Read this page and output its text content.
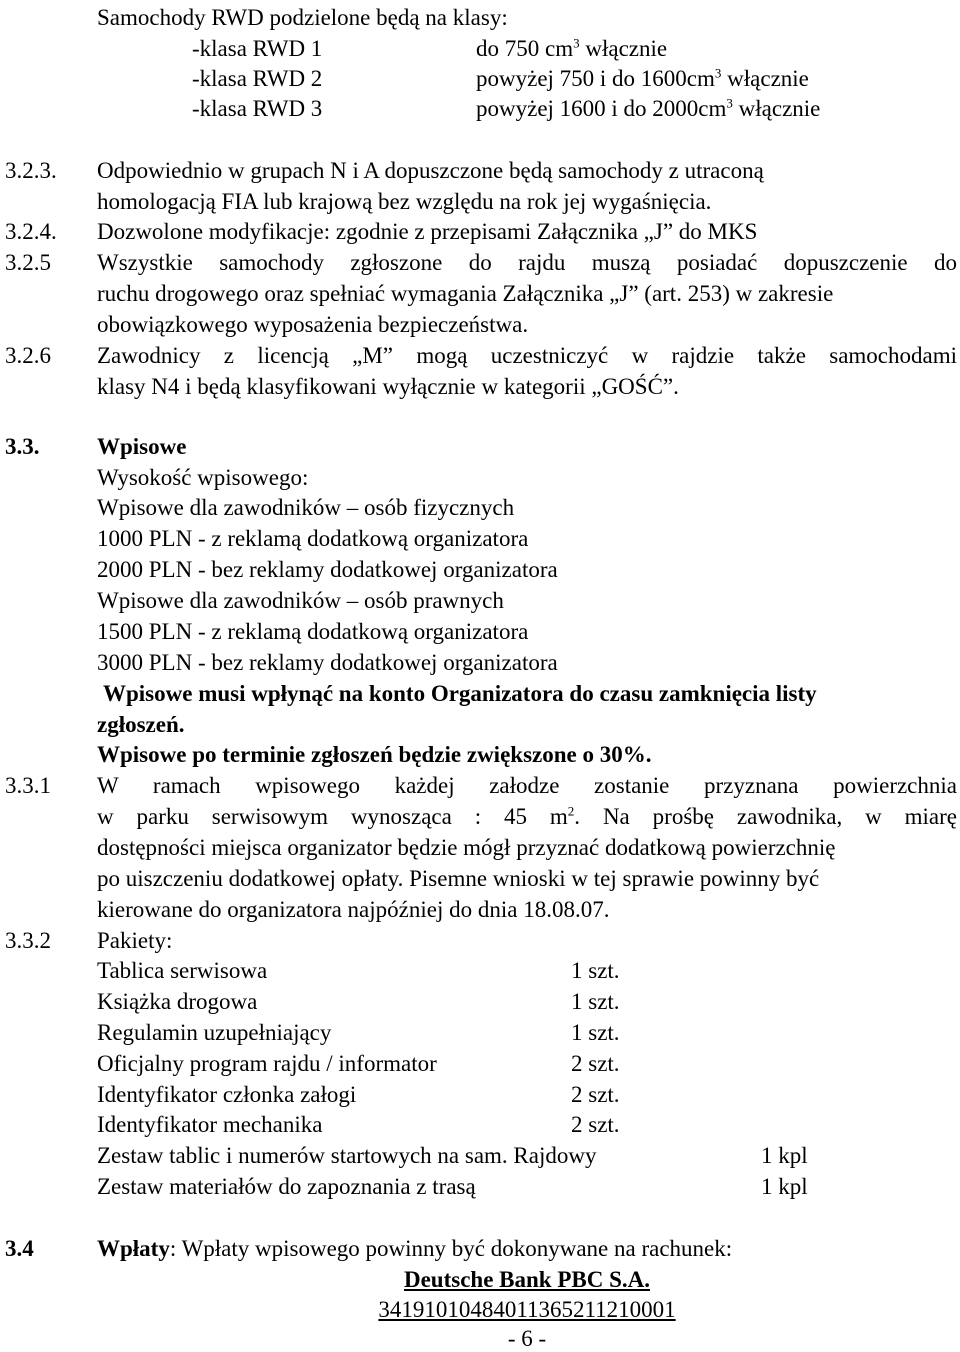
Samochody RWD podzielone będą na klasy:
-klasa RWD 1	do 750 $cm^3$ włącznie
-klasa RWD 2	powyżej 750 i do $1600cm^3$ włącznie
-klasa RWD 3	powyżej 1600 i do $2000cm^3$ włącznie
3.2.3. Odpowiednio w grupach N i A dopuszczone będą samochody z utraconą
homologacją FIA lub krajową bez względu na rok jej wygaśnięcia.
3.2.4. Dozwolone modyfikacje: zgodnie z przepisami Załącznika „J” do MKS
3.2.5 Wszystkie samochody zgłoszone do rajdu muszą posiadać dopuszczenie do
ruchu drogowego oraz spełniać wymagania Załącznika „J” (art. 253) w zakresie
obowiązkowego wyposażenia bezpieczeństwa.
3.2.6 Zawodnicy z licencją „M” mogą uczestniczyć w rajdzie także samochodami
klasy N4 i będą klasyfikowani wyłącznie w kategorii „GOŚĆ”.
3.3.	Wpisowe
Wysokość wpisowego:
Wpisowe dla zawodników – osób fizycznych
1000 PLN - z reklamą dodatkową organizatora
2000 PLN - bez reklamy dodatkowej organizatora
Wpisowe dla zawodników – osób prawnych
1500 PLN - z reklamą dodatkową organizatora
3000 PLN - bez reklamy dodatkowej organizatora
Wpisowe musi wpłynąć na konto Organizatora do czasu zamknięcia listy
zgłoszeń.
Wpisowe po terminie zgłoszeń będzie zwiększone o 30%.
3.3.1 W ramach wpisowego każdej załodze zostanie przyznana powierzchnia
w parku serwisowym wynosząca : 45 $m^2$. Na prośbę zawodnika, w miarę
dostępności miejsca organizator będzie mógł przyznać dodatkową powierzchnię
po uiszczeniu dodatkowej opłaty. Pisemne wnioski w tej sprawie powinny być
kierowane do organizatora najpóźniej do dnia 18.08.07.
3.3.2 Pakiety:
Tablica serwisowa	1 szt.
Książka drogowa	1 szt.
Regulamin uzupełniający	1 szt.
Oficjalny program rajdu / informator	2 szt.
Identyfikator członka załogi	2 szt.
Identyfikator mechanika	2 szt.
Zestaw tablic i numerów startowych na sam. Rajdowy	1 kpl
Zestaw materiałów do zapoznania z trasą	1 kpl
3.4	Wpłaty: Wpłaty wpisowego powinny być dokonywane na rachunek:
Deutsche Bank PBC S.A.
34191010484011365211210001
- 6 -
